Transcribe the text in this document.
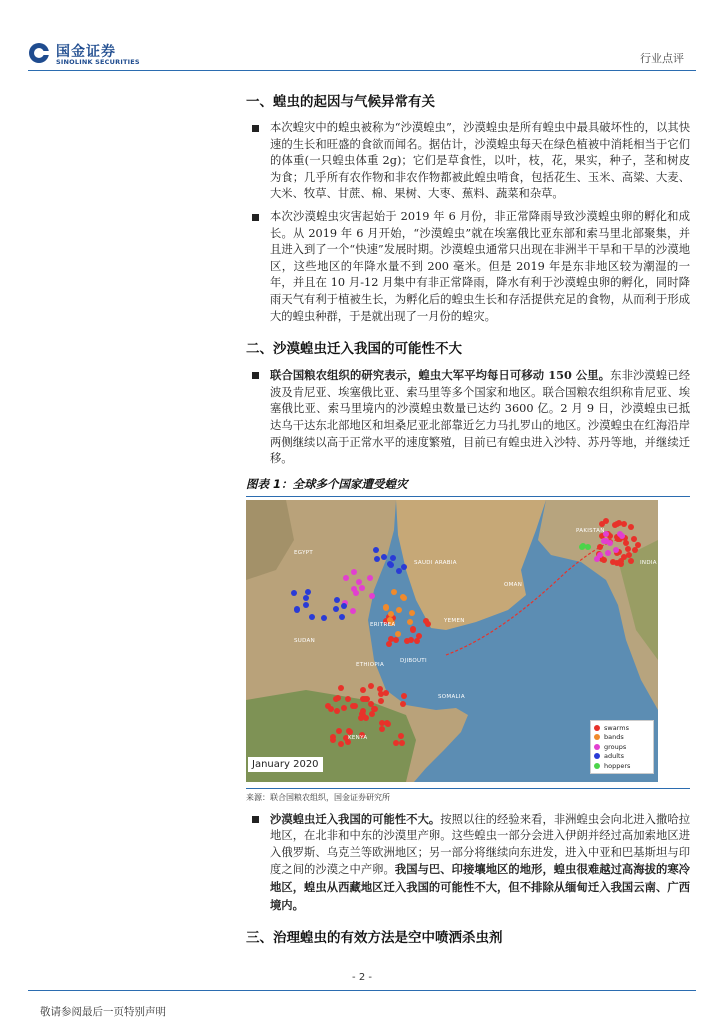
国金证券
SINOLINK SECURITIES	行业点评
一、蝗虫的起因与气候异常有关
本次蝗灾中的蝗虫被称为“沙漠蝗虫”，沙漠蝗虫是所有蝗虫中最具破坏性的，以其快速的生长和旺盛的食欲而闻名。据估计，沙漠蝗虫每天在绿色植被中消耗相当于它们的体重(一只蝗虫体重 2g)；它们是草食性，以叶，枝，花，果实，种子，茎和树皮为食；几乎所有农作物和非农作物都被此蝗虫啃食，包括花生、玉米、高粱、大麦、大米、牧草、甘蔗、棉、果树、大枣、蕉料、蔬菜和杂草。
本次沙漠蝗虫灾害起始于 2019 年 6 月份，非正常降雨导致沙漠蝗虫卵的孵化和成长。从 2019 年 6 月开始，“沙漠蝗虫”就在埃塞俄比亚东部和索马里北部聚集，并且进入到了一个“快速”发展时期。沙漠蝗虫通常只出现在非洲半干旱和干旱的沙漠地区，这些地区的年降水量不到 200 毫米。但是 2019 年是东非地区较为潮湿的一年，并且在 10 月-12 月集中有非正常降雨，降水有利于沙漠蝗虫卵的孵化，同时降雨天气有利于植被生长，为孵化后的蝗虫生长和存活提供充足的食物，从而利于形成大的蝗虫种群，于是就出现了一月份的蝗灾。
二、沙漠蝗虫迁入我国的可能性不大
联合国粮农组织的研究表示，蝗虫大军平均每日可移动 150 公里。东非沙漠蝗已经波及肯尼亚、埃塞俄比亚、索马里等多个国家和地区。联合国粮农组织称肯尼亚、埃塞俄比亚、索马里境内的沙漠蝗虫数量已达约 3600 亿。2 月 9 日，沙漠蝗虫已抵达乌干达东北部地区和坦桑尼亚北部靠近乞力马扎罗山的地区。沙漠蝗虫在红海沿岸两侧继续以高于正常水平的速度繁殖，目前已有蝗虫进入沙特、苏丹等地，并继续迁移。
图表 1：全球多个国家遭受蝗灾
EGYPT
SAUDI ARABIA
SUDAN
ERITREA
YEMEN
OMAN
ETHIOPIA
DJIBOUTI
SOMALIA
KENYA
PAKISTAN
INDIA
January 2020
swarms
bands
groups
adults
hoppers
来源：联合国粮农组织，国金证券研究所
沙漠蝗虫迁入我国的可能性不大。按照以往的经验来看，非洲蝗虫会向北进入撒哈拉地区，在北非和中东的沙漠里产卵。这些蝗虫一部分会进入伊朗并经过高加索地区进入俄罗斯、乌克兰等欧洲地区；另一部分将继续向东进发，进入中亚和巴基斯坦与印度之间的沙漠之中产卵。我国与巴、印接壤地区的地形，蝗虫很难越过高海拔的寒冷地区，蝗虫从西藏地区迁入我国的可能性不大，但不排除从缅甸迁入我国云南、广西境内。
三、治理蝗虫的有效方法是空中喷洒杀虫剂
- 2 -
敬请参阅最后一页特别声明
